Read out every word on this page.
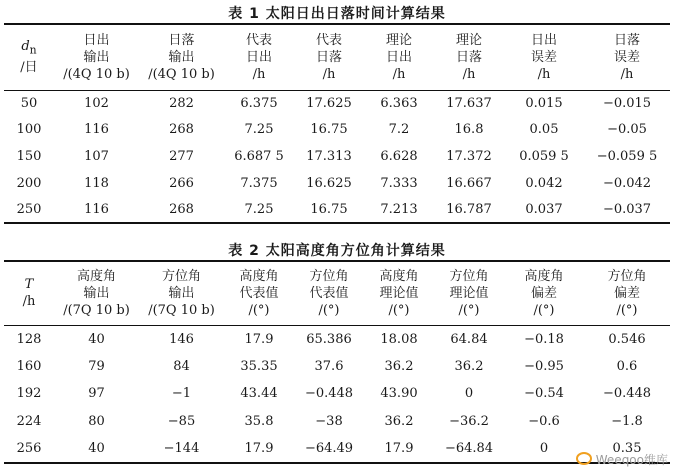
表 1 太阳日出日落时间计算结果
$d_n$
/日	日出
输出
/(4Q 10 b)	日落
输出
/(4Q 10 b)	代表
日出
/h	代表
日落
/h	理论
日出
/h	理论
日落
/h	日出
误差
/h	日落
误差
/h

50	102	282	6.375	17.625	6.363	17.637	0.015	−0.015
100	116	268	7.25	16.75	7.2	16.8	0.05	−0.05
150	107	277	6.687 5	17.313	6.628	17.372	0.059 5	−0.059 5
200	118	266	7.375	16.625	7.333	16.667	0.042	−0.042
250	116	268	7.25	16.75	7.213	16.787	0.037	−0.037
表 2 太阳高度角方位角计算结果
T
/h	高度角
输出
/(7Q 10 b)	方位角
输出
/(7Q 10 b)	高度角
代表值
/(°)	方位角
代表值
/(°)	高度角
理论值
/(°)	方位角
理论值
/(°)	高度角
偏差
/(°)	方位角
偏差
/(°)

128	40	146	17.9	65.386	18.08	64.84	−0.18	0.546
160	79	84	35.35	37.6	36.2	36.2	−0.95	0.6
192	97	−1	43.44	−0.448	43.90	0	−0.54	−0.448
224	80	−85	35.8	−38	36.2	−36.2	−0.6	−1.8
256	40	−144	17.9	−64.49	17.9	−64.84	0	0.35
Weeqoo维库
